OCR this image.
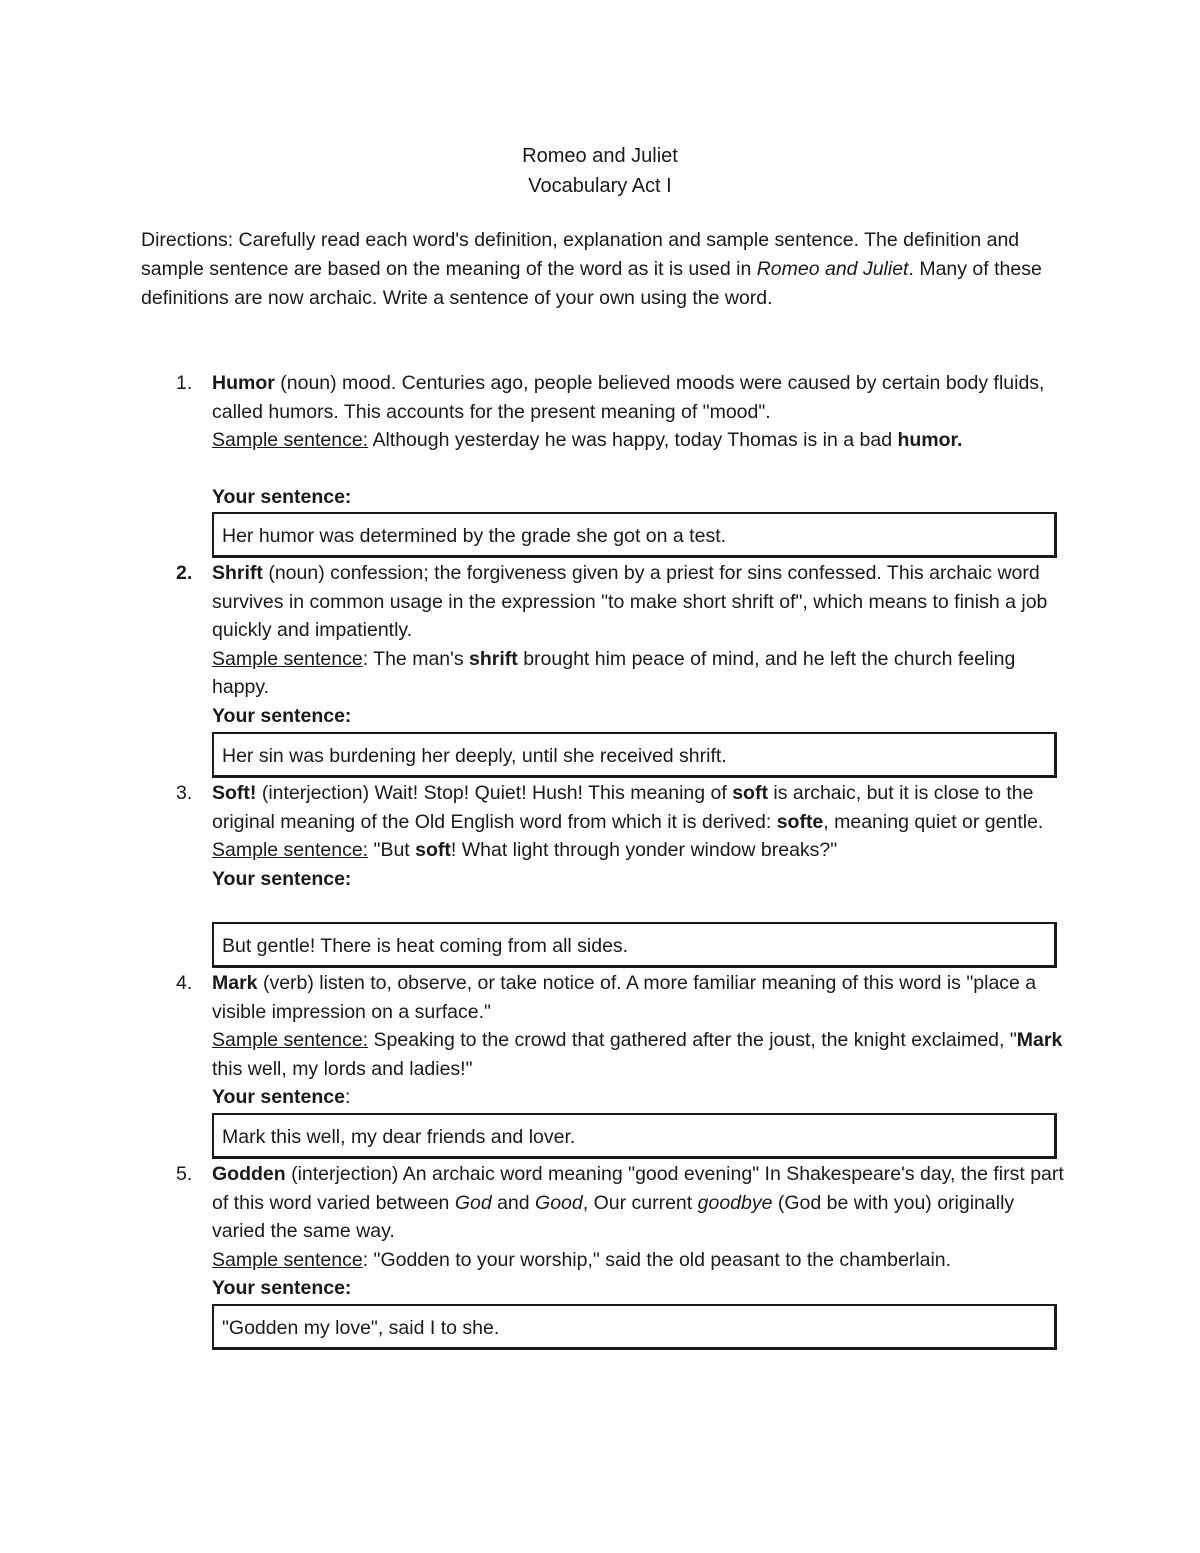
Romeo and Juliet
Vocabulary Act I
Directions: Carefully read each word's definition, explanation and sample sentence. The definition and sample sentence are based on the meaning of the word as it is used in Romeo and Juliet. Many of these definitions are now archaic. Write a sentence of your own using the word.
1. Humor (noun) mood. Centuries ago, people believed moods were caused by certain body fluids, called humors. This accounts for the present meaning of "mood".
Sample sentence: Although yesterday he was happy, today Thomas is in a bad humor.

Your sentence:
Her humor was determined by the grade she got on a test.
2. Shrift (noun) confession; the forgiveness given by a priest for sins confessed. This archaic word survives in common usage in the expression "to make short shrift of", which means to finish a job quickly and impatiently.
Sample sentence: The man's shrift brought him peace of mind, and he left the church feeling happy.
Your sentence:
Her sin was burdening her deeply, until she received shrift.
3. Soft! (interjection) Wait! Stop! Quiet! Hush! This meaning of soft is archaic, but it is close to the original meaning of the Old English word from which it is derived: softe, meaning quiet or gentle.
Sample sentence: "But soft! What light through yonder window breaks?"
Your sentence:
But gentle! There is heat coming from all sides.
4. Mark (verb) listen to, observe, or take notice of. A more familiar meaning of this word is "place a visible impression on a surface."
Sample sentence: Speaking to the crowd that gathered after the joust, the knight exclaimed, "Mark this well, my lords and ladies!"
Your sentence:
Mark this well, my dear friends and lover.
5. Godden (interjection) An archaic word meaning "good evening" In Shakespeare's day, the first part of this word varied between God and Good, Our current goodbye (God be with you) originally varied the same way.
Sample sentence: "Godden to your worship," said the old peasant to the chamberlain.
Your sentence:
"Godden my love", said I to she.
